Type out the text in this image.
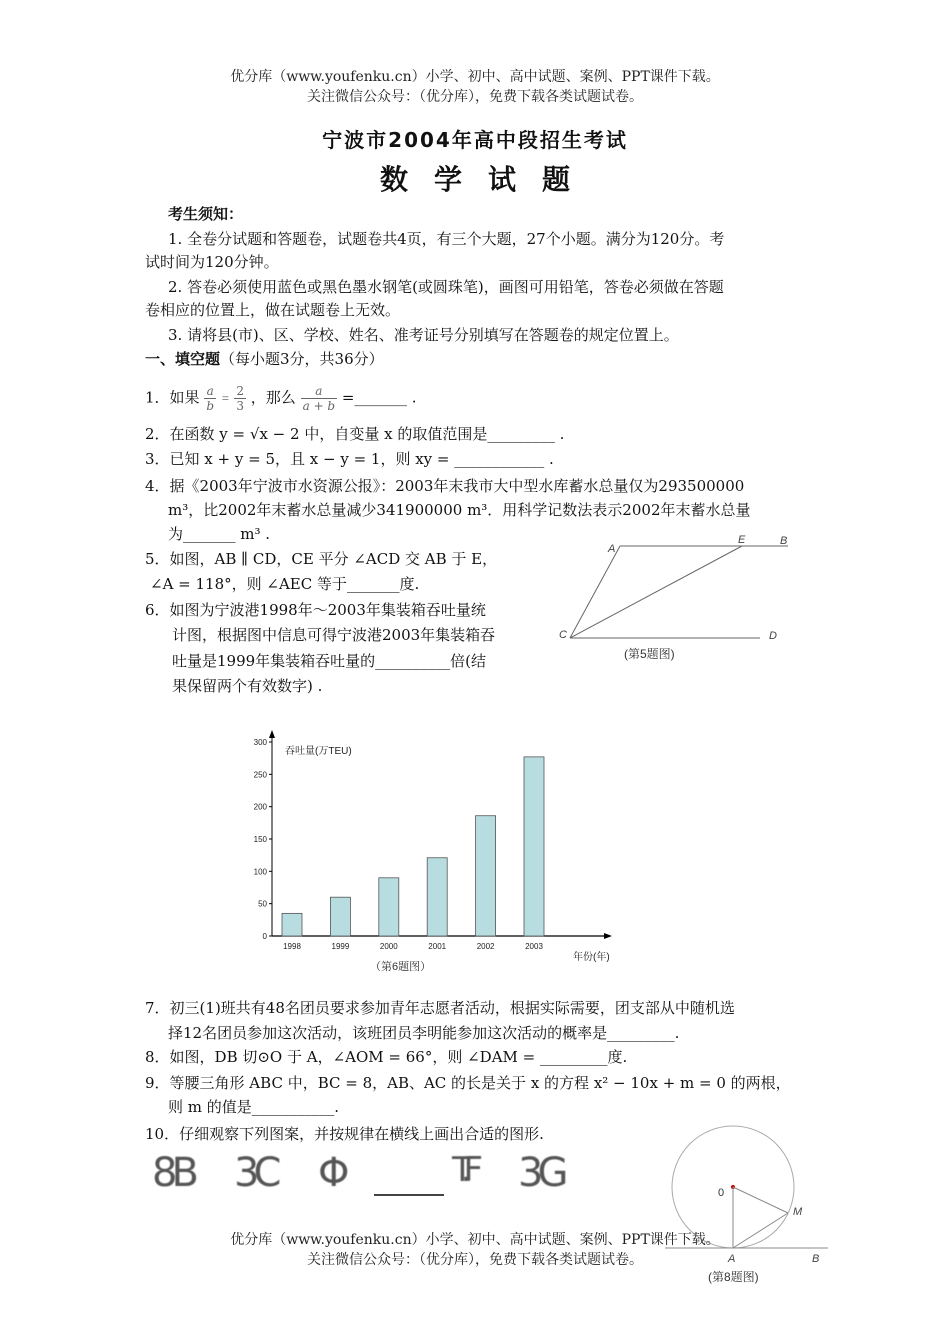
优分库（www.youfenku.cn）小学、初中、高中试题、案例、PPT课件下载。
关注微信公众号：（优分库），免费下载各类试题试卷。
宁波市2004年高中段招生考试
数学试题
考生须知：
1. 全卷分试题和答题卷，试题卷共4页，有三个大题，27个小题。满分为120分。考
试时间为120分钟。
2. 答卷必须使用蓝色或黑色墨水钢笔(或圆珠笔)，画图可用铅笔，答卷必须做在答题
卷相应的位置上，做在试题卷上无效。
3. 请将县(市)、区、学校、姓名、准考证号分别填写在答题卷的规定位置上。
一、填空题（每小题3分，共36分）
1．如果 a
b = 2
3 ，那么 a
a + b =_______ .
2．在函数 y = √x − 2 中，自变量 x 的取值范围是_________ .
3．已知 x + y = 5，且 x − y = 1，则 xy = ____________ .
4．据《2003年宁波市水资源公报》：2003年末我市大中型水库蓄水总量仅为293500000
m³，比2002年末蓄水总量减少341900000 m³．用科学记数法表示2002年末蓄水总量
为_______ m³ .
5．如图，AB ∥ CD，CE 平分 ∠ACD 交 AB 于 E，
∠A = 118°，则 ∠AEC 等于_______度.
6．如图为宁波港1998年～2003年集装箱吞吐量统
计图，根据图中信息可得宁波港2003年集装箱吞
吐量是1999年集装箱吞吐量的__________倍(结
果保留两个有效数字) .
A
E	B
C	D
(第5题图)
吞吐量(万TEU)
年份(年)
（第6题图）
0
50
100
150
200
250
300
1998	1999	2000	2001	2002	2003
7．初三(1)班共有48名团员要求参加青年志愿者活动，根据实际需要，团支部从中随机选
择12名团员参加这次活动，该班团员李明能参加这次活动的概率是_________.
8．如图，DB 切⊙O 于 A，∠AOM = 66°，则 ∠DAM = _________度.
9．等腰三角形 ABC 中，BC = 8，AB、AC 的长是关于 x 的方程 x² − 10x + m = 0 的两根，
则 m 的值是___________.
10．仔细观察下列图案，并按规律在横线上画出合适的图形.
8B 3C Φ	T.F 3G	0
M
A	B
(第8题图)
优分库（www.youfenku.cn）小学、初中、高中试题、案例、PPT课件下载。
关注微信公众号：（优分库），免费下载各类试题试卷。
